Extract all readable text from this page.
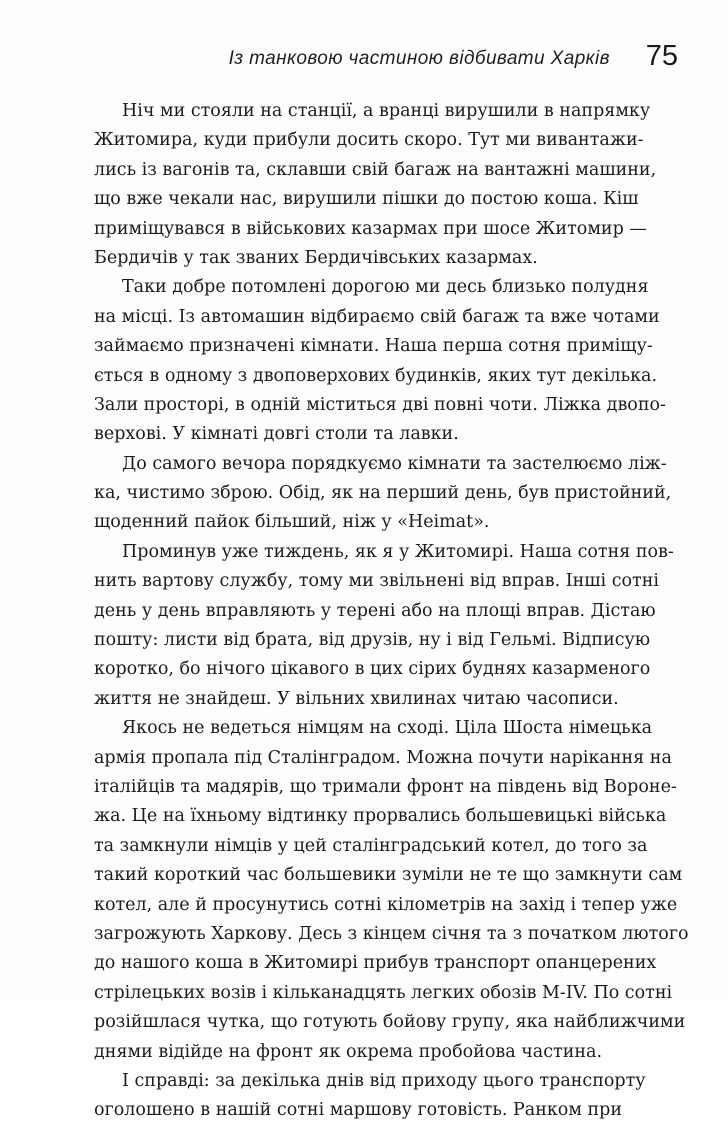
Із танковою частиною відбивати Харків 75
Ніч ми стояли на станції, а вранці вирушили в напрямку
Житомира, куди прибули досить скоро. Тут ми вивантажи-
лись із вагонів та, склавши свій багаж на вантажні машини,
що вже чекали нас, вирушили пішки до постою коша. Кіш
приміщувався в військових казармах при шосе Житомир —
Бердичів у так званих Бердичівських казармах.
Таки добре потомлені дорогою ми десь близько полудня
на місці. Із автомашин відбираємо свій багаж та вже чотами
займаємо призначені кімнати. Наша перша сотня приміщу-
ється в одному з двоповерхових будинків, яких тут декілька.
Зали просторі, в одній міститься дві повні чоти. Ліжка двопо-
верхові. У кімнаті довгі столи та лавки.
До самого вечора порядкуємо кімнати та застелюємо ліж-
ка, чистимо зброю. Обід, як на перший день, був пристойний,
щоденний пайок більший, ніж у «Heimat».
Проминув уже тиждень, як я у Житомирі. Наша сотня пов-
нить вартову службу, тому ми звільнені від вправ. Інші сотні
день у день вправляють у терені або на площі вправ. Дістаю
пошту: листи від брата, від друзів, ну і від Гельмі. Відписую
коротко, бо нічого цікавого в цих сірих буднях казарменого
життя не знайдеш. У вільних хвилинах читаю часописи.
Якось не ведеться німцям на сході. Ціла Шоста німецька
армія пропала під Сталінградом. Можна почути нарікання на
італійців та мадярів, що тримали фронт на південь від Вороне-
жа. Це на їхньому відтинку прорвались большевицькі війська
та замкнули німців у цей сталінградський котел, до того за
такий короткий час большевики зуміли не те що замкнути сам
котел, але й просунутись сотні кілометрів на захід і тепер уже
загрожують Харкову. Десь з кінцем січня та з початком лютого
до нашого коша в Житомирі прибув транспорт опанцерених
стрілецьких возів і кільканадцять легких обозів М-IV. По сотні
розійшлася чутка, що готують бойову групу, яка найближчими
днями відійде на фронт як окрема пробойова частина.
І справді: за декілька днів від приходу цього транспорту
оголошено в нашій сотні маршову готовість. Ранком при
